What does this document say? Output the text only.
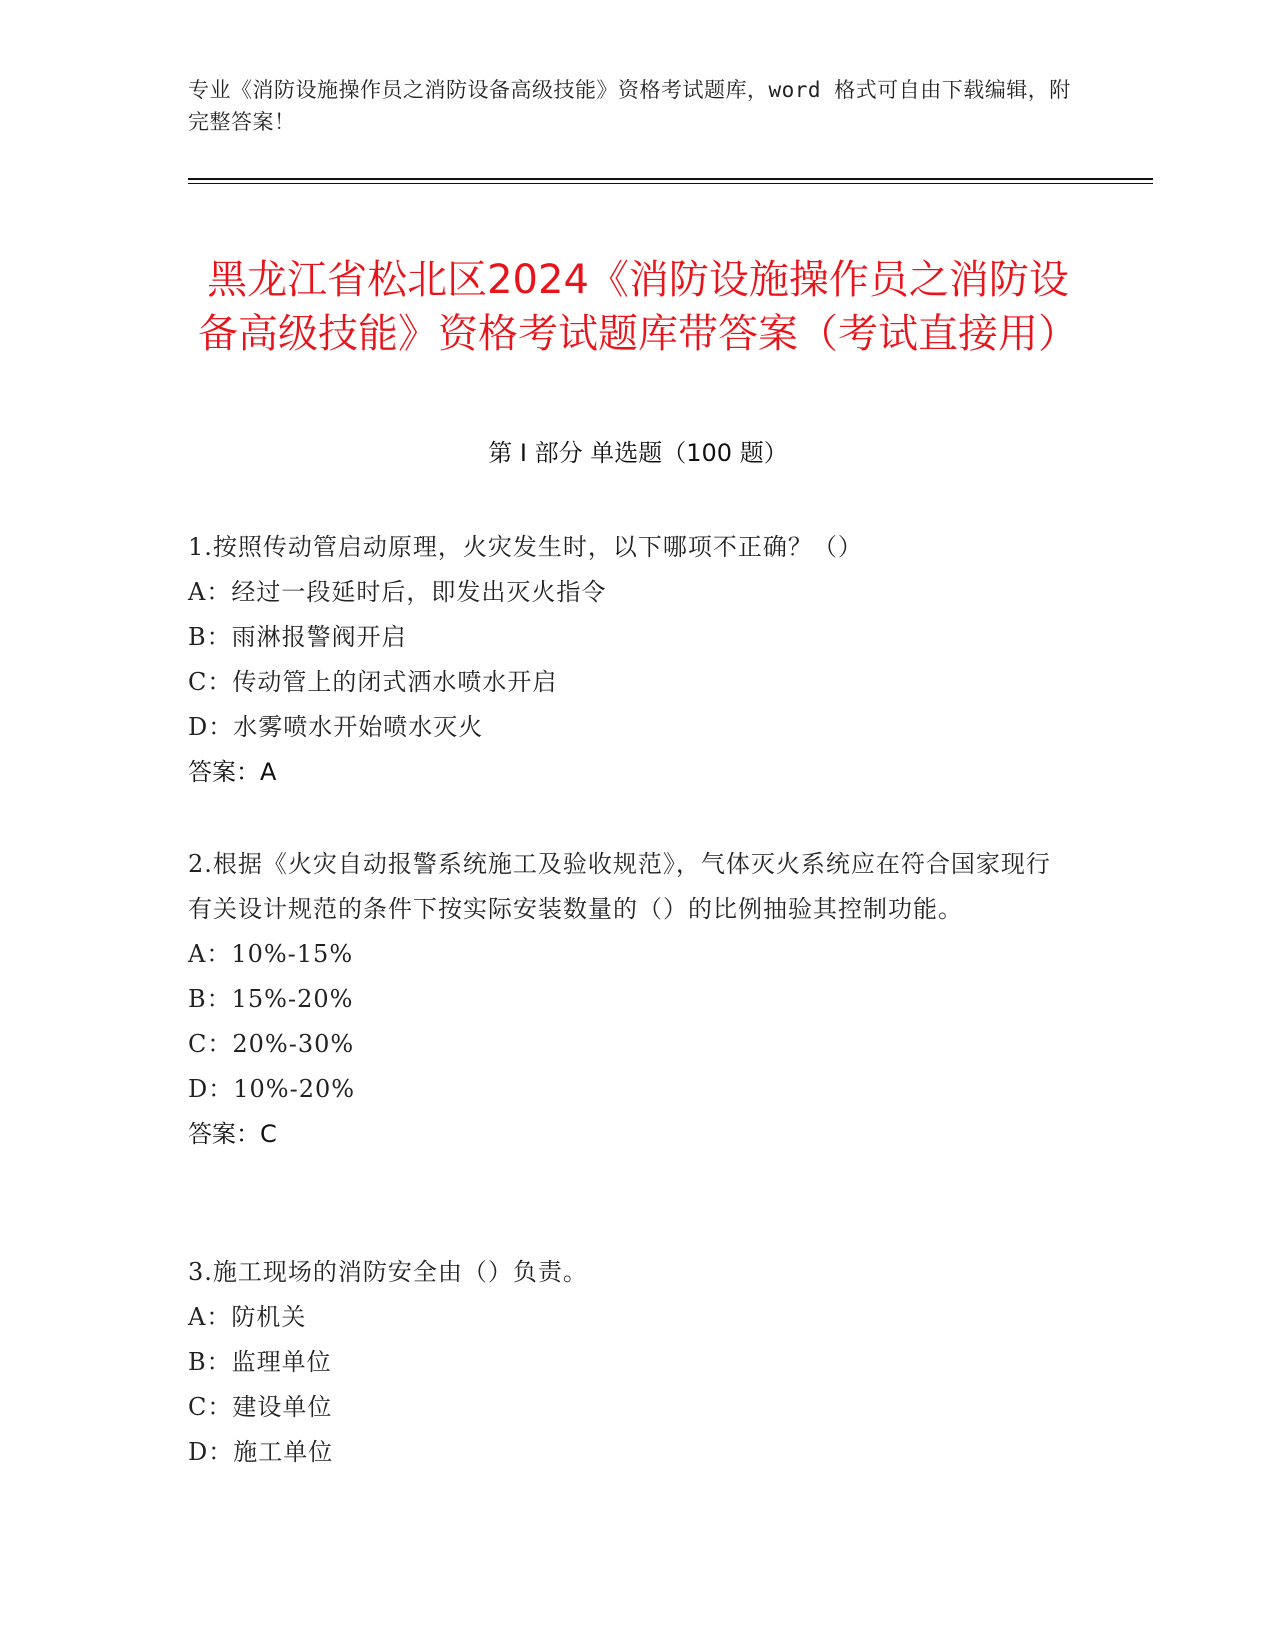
专业《消防设施操作员之消防设备高级技能》资格考试题库，word 格式可自由下载编辑，附完整答案！
黑龙江省松北区2024《消防设施操作员之消防设备高级技能》资格考试题库带答案（考试直接用）
第 I 部分 单选题（100 题）
1.按照传动管启动原理，火灾发生时，以下哪项不正确？（）
A：经过一段延时后，即发出灭火指令
B：雨淋报警阀开启
C：传动管上的闭式洒水喷水开启
D：水雾喷水开始喷水灭火
答案：A
2.根据《火灾自动报警系统施工及验收规范》，气体灭火系统应在符合国家现行有关设计规范的条件下按实际安装数量的（）的比例抽验其控制功能。
A：10%-15%
B：15%-20%
C：20%-30%
D：10%-20%
答案：C
3.施工现场的消防安全由（）负责。
A：防机关
B：监理单位
C：建设单位
D：施工单位
